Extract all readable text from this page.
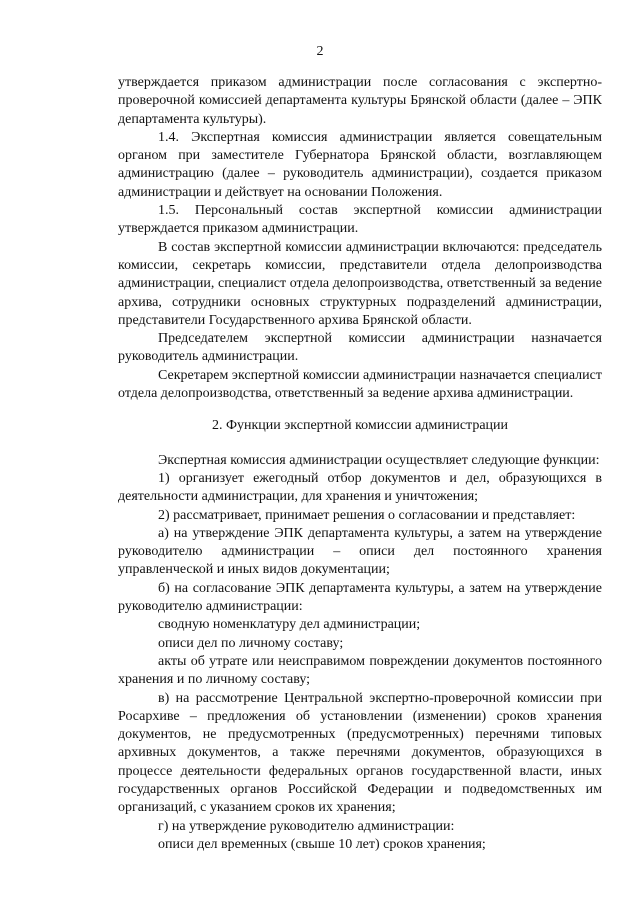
2

утверждается приказом администрации после согласования с экспертно-проверочной комиссией департамента культуры Брянской области (далее – ЭПК департамента культуры).

1.4. Экспертная комиссия администрации является совещательным органом при заместителе Губернатора Брянской области, возглавляющем администрацию (далее – руководитель администрации), создается приказом администрации и действует на основании Положения.

1.5. Персональный состав экспертной комиссии администрации утверждается приказом администрации.

В состав экспертной комиссии администрации включаются: председатель комиссии, секретарь комиссии, представители отдела делопроизводства администрации, специалист отдела делопроизводства, ответственный за ведение архива, сотрудники основных структурных подразделений администрации, представители Государственного архива Брянской области.

Председателем экспертной комиссии администрации назначается руководитель администрации.

Секретарем экспертной комиссии администрации назначается специалист отдела делопроизводства, ответственный за ведение архива администрации.

2. Функции экспертной комиссии администрации

Экспертная комиссия администрации осуществляет следующие функции:

1) организует ежегодный отбор документов и дел, образующихся в деятельности администрации, для хранения и уничтожения;

2) рассматривает, принимает решения о согласовании и представляет:

а) на утверждение ЭПК департамента культуры, а затем на утверждение руководителю администрации – описи дел постоянного хранения управленческой и иных видов документации;

б) на согласование ЭПК департамента культуры, а затем на утверждение руководителю администрации:

сводную номенклатуру дел администрации;

описи дел по личному составу;

акты об утрате или неисправимом повреждении документов постоянного хранения и по личному составу;

в) на рассмотрение Центральной экспертно-проверочной комиссии при Росархиве – предложения об установлении (изменении) сроков хранения документов, не предусмотренных (предусмотренных) перечнями типовых архивных документов, а также перечнями документов, образующихся в процессе деятельности федеральных органов государственной власти, иных государственных органов Российской Федерации и подведомственных им организаций, с указанием сроков их хранения;

г) на утверждение руководителю администрации:

описи дел временных (свыше 10 лет) сроков хранения;
